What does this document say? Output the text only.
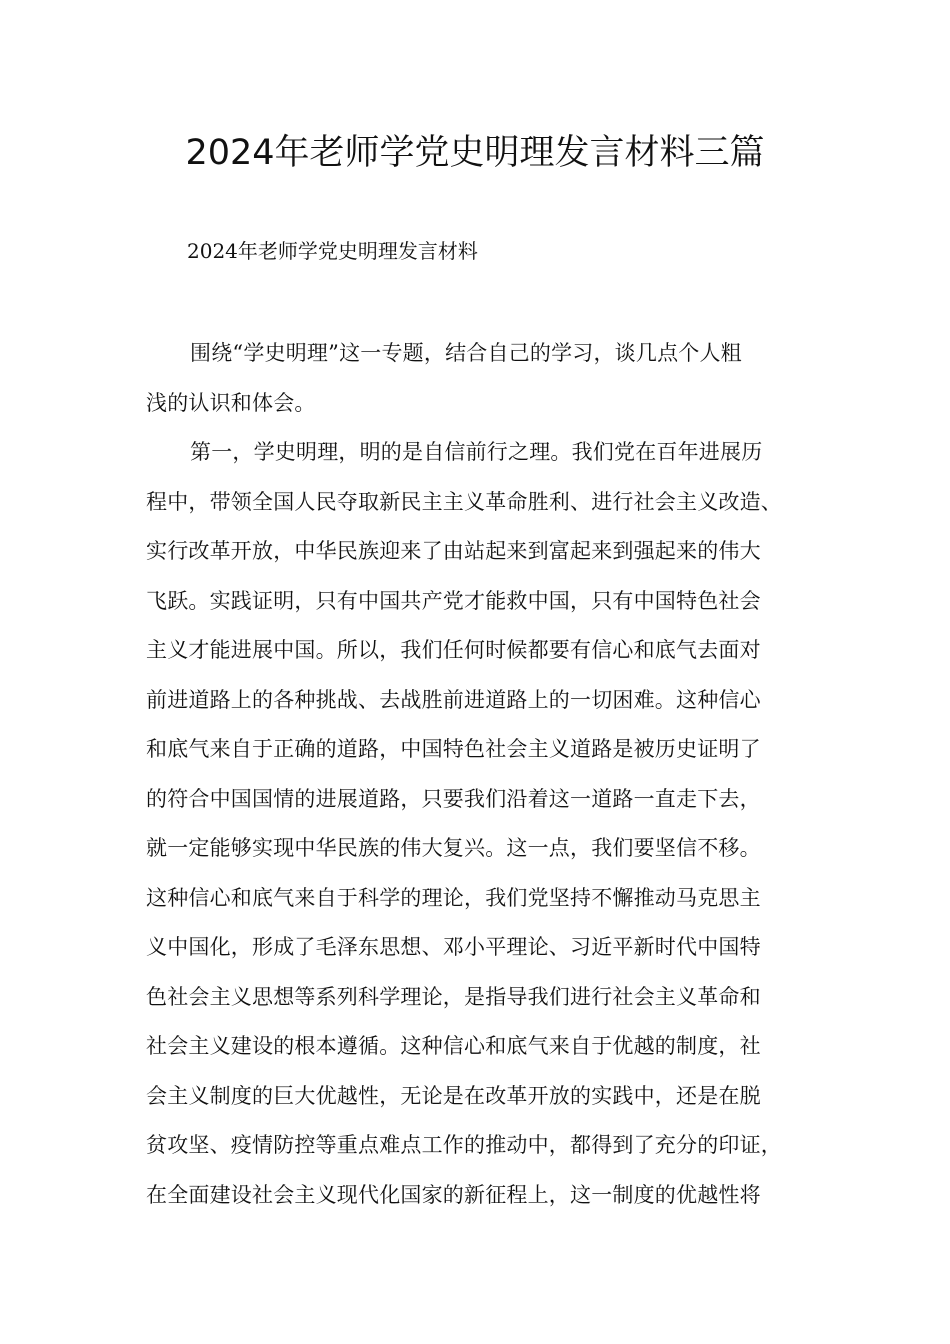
2024年老师学党史明理发言材料三篇
2024年老师学党史明理发言材料
围绕“学史明理”这一专题，结合自己的学习，谈几点个人粗
浅的认识和体会。
第一，学史明理，明的是自信前行之理。我们党在百年进展历
程中，带领全国人民夺取新民主主义革命胜利、进行社会主义改造、
实行改革开放，中华民族迎来了由站起来到富起来到强起来的伟大
飞跃。实践证明，只有中国共产党才能救中国，只有中国特色社会
主义才能进展中国。所以，我们任何时候都要有信心和底气去面对
前进道路上的各种挑战、去战胜前进道路上的一切困难。这种信心
和底气来自于正确的道路，中国特色社会主义道路是被历史证明了
的符合中国国情的进展道路，只要我们沿着这一道路一直走下去，
就一定能够实现中华民族的伟大复兴。这一点，我们要坚信不移。
这种信心和底气来自于科学的理论，我们党坚持不懈推动马克思主
义中国化，形成了毛泽东思想、邓小平理论、习近平新时代中国特
色社会主义思想等系列科学理论，是指导我们进行社会主义革命和
社会主义建设的根本遵循。这种信心和底气来自于优越的制度，社
会主义制度的巨大优越性，无论是在改革开放的实践中，还是在脱
贫攻坚、疫情防控等重点难点工作的推动中，都得到了充分的印证，
在全面建设社会主义现代化国家的新征程上，这一制度的优越性将
